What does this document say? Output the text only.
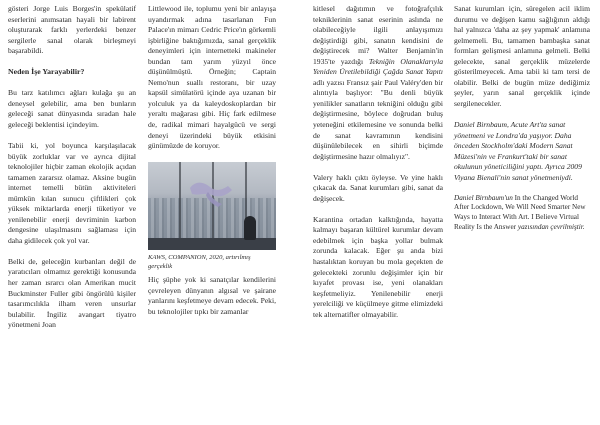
gösteri Jorge Luis Borges'in spekülatif eserlerini anımsatan hayali bir labirent oluşturarak farklı yerlerdeki benzer sergilerle sanal olarak birleşmeyi başarabildi.

Neden İşe Yarayabilir?

Bu tarz katılımcı ağları kulağa şu an deneysel gelebilir, ama ben bunların geleceği sanat dünyasında sıradan hale geleceği beklentisi içindeyim.

Tabii ki, yol boyunca karşılaşılacak büyük zorluklar var ve ayrıca dijital teknolojiler hiçbir zaman ekolojik açıdan tamamen zararsız olamaz. Aksine bugün internet temelli bütün aktiviteleri mümkün kılan sunucu çiftlikleri çok yüksek miktarlarda enerji tüketiyor ve yenilenebilir enerji devriminin karbon dengesine ulaşılmasını sağlaması için daha gidilecek çok yol var.

Belki de, geleceğin kurbanları değil de yaratıcıları olmamız gerektiği konusunda her zaman ısrarcı olan Amerikan mucit Buckminster Fuller gibi öngörülü kişiler tasarımcılıkla ilham veren unsurlar bulabilir. İngiliz avangart tiyatro yönetmeni Joan

Littlewood ile, toplumu yeni bir anlayışa uyandırmak adına tasarlanan Fun Palace'ın mimarı Cedric Price'ın görkemli işbirliğine baktığımızda, sanal gerçeklik deneyimleri için internetteki makineler bundan tam yarım yüzyıl önce düşünülmüştü. Örneğin; Captain Nemo'nun suallı restoranı, bir uzay kapsül simülatörü içinde aya uzanan bir yolculuk ya da kaleydoskoplardan bir yeraltı mağarası gibi. Hiç fark edilmese de, radikal mimari hayalgücü ve sergi deneyi üzerindeki büyük etkisini günümüzde de koruyor.

KAWS, COMPANION, 2020, artırılmış gerçeklik

Hiç şüphe yok ki sanatçılar kendilerini çevreleyen dünyanın algısal ve şairane yanlarını keşfetmeye devam edecek. Peki, bu teknolojiler tıpkı bir zamanlar

kitlesel dağıtımın ve fotoğrafçılık tekniklerinin sanat eserinin aslında ne olabileceğiyle ilgili anlayışımızı değiştirdiği gibi, sanatın kendisini de değiştirecek mi? Walter Benjamin'in 1935'te yazdığı Tekniğin Olanaklarıyla Yeniden Üretilebildiği Çağda Sanat Yapıtı adlı yazısı Fransız şair Paul Valéry'den bir alıntıyla başlıyor: "Bu denli büyük yenilikler sanatların tekniğini olduğu gibi değiştirmesine, böylece doğrudan buluş yeteneğini etkilemesine ve sonunda belki de sanat kavramının kendisini düşünülebilecek en sihirli biçimde değiştirmesine hazır olmalıyız".

Valery haklı çıktı öyleyse. Ve yine haklı çıkacak da. Sanat kurumları gibi, sanat da değişecek.

Karantina ortadan kalktığında, hayatta kalmayı başaran kültürel kurumlar devam edebilmek için başka yollar bulmak zorunda kalacak. Eğer şu anda bizi hastalıktan koruyan bu mola geçekten de gelecekteki zorunlu değişimler için bir kıyafet provası ise, yeni olanakları keşfetmeliyiz. Yenilenebilir enerji yerelciliği ve küçülmeye gitme elimizdeki tek alternatifler olmayabilir.

Sanat kurumları için, süregelen acil iklim durumu ve değişen kamu sağlığının aldığı hal yalnızca 'daha az şey yapmak' anlamına gelmemeli. Bu, tamamen bambaşka sanat formları gelişmesi anlamına gelmeli. Belki gelecekte, sanal gerçeklik müzelerde gösterilmeyecek. Ama tabii ki tam tersi de olabilir. Belki de bugün müze dediğimiz şeyler, yarın sanal gerçeklik içinde sergilenecekler.

Daniel Birnbaum, Acute Art'ta sanat yönetmeni ve Londra'da yaşıyor. Daha önceden Stockholm'daki Modern Sanat Müzesi'nin ve Frankurt'taki bir sanat okulunun yöneticiliğini yaptı. Ayrıca 2009 Viyana Bienali'nin sanat yönetmeniydi.

Daniel Birnbaum'un In the Changed World After Lockdown, We Will Need Smarter New Ways to Interact With Art. I Believe Virtual Reality Is the Answer yazısından çevrilmiştir.
